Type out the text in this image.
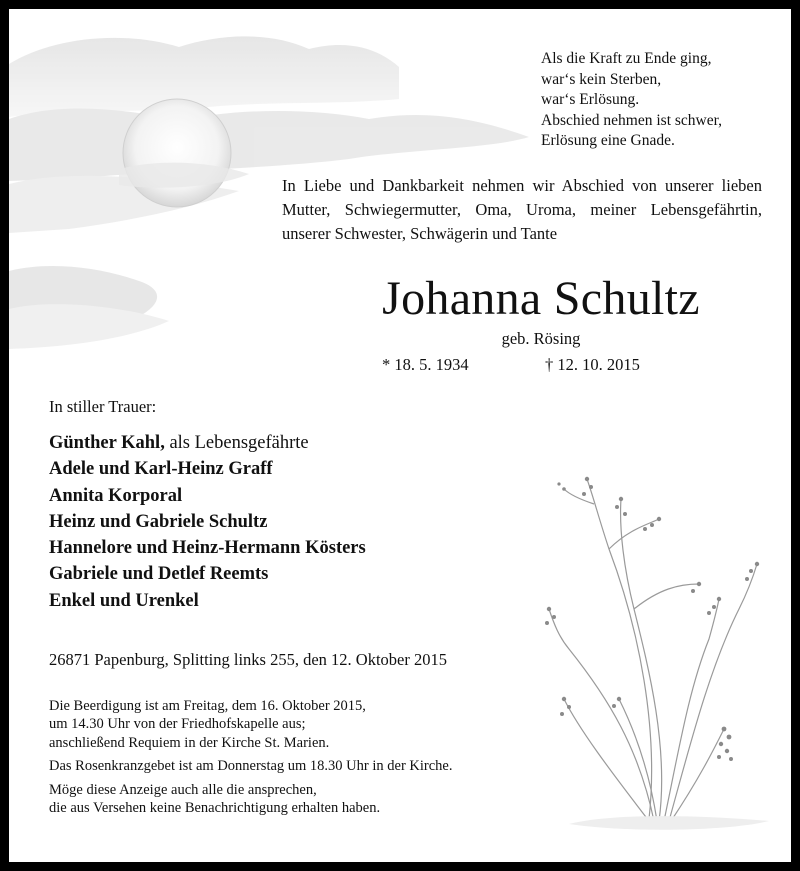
Als die Kraft zu Ende ging,
war‘s kein Sterben,
war‘s Erlösung.
Abschied nehmen ist schwer,
Erlösung eine Gnade.
In Liebe und Dankbarkeit nehmen wir Abschied von unserer lieben Mutter, Schwiegermutter, Oma, Uroma, meiner Lebensgefährtin, unserer Schwester, Schwägerin und Tante
Johanna Schultz
geb. Rösing
* 18. 5. 1934	† 12. 10. 2015
In stiller Trauer:
Günther Kahl, als Lebensgefährte
Adele und Karl-Heinz Graff
Annita Korporal
Heinz und Gabriele Schultz
Hannelore und Heinz-Hermann Kösters
Gabriele und Detlef Reemts
Enkel und Urenkel
26871 Papenburg, Splitting links 255, den 12. Oktober 2015
Die Beerdigung ist am Freitag, dem 16. Oktober 2015,
um 14.30 Uhr von der Friedhofskapelle aus;
anschließend Requiem in der Kirche St. Marien.
Das Rosenkranzgebet ist am Donnerstag um 18.30 Uhr in der Kirche.
Möge diese Anzeige auch alle die ansprechen,
die aus Versehen keine Benachrichtigung erhalten haben.
